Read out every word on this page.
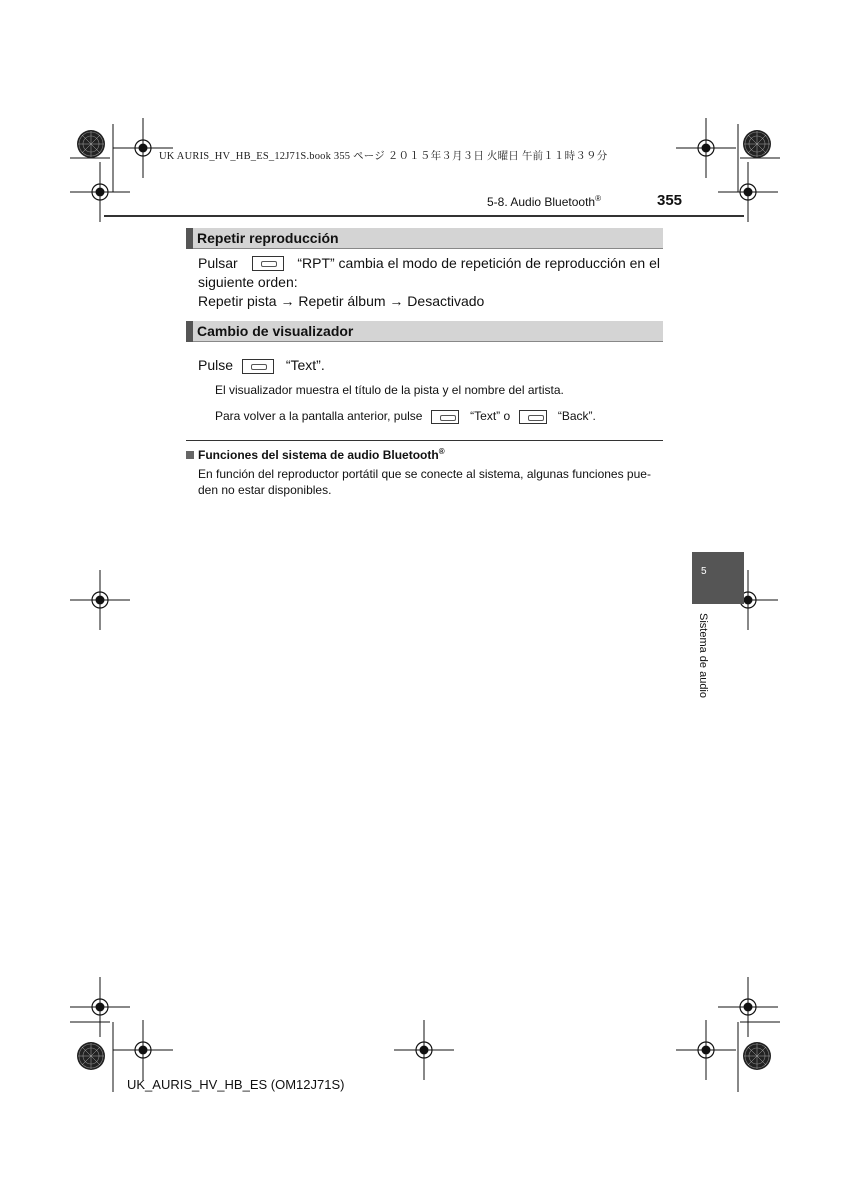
UK AURIS_HV_HB_ES_12J71S.book 355 ページ ２０１５年３月３日 火曜日 午前１１時３９分
5-8. Audio Bluetooth®	355
Repetir reproducción
Pulsar	“RPT” cambia el modo de repetición de reproducción en el
siguiente orden:
Repetir pista → Repetir álbum → Desactivado
Cambio de visualizador
Pulse	“Text”.
El visualizador muestra el título de la pista y el nombre del artista.
Para volver a la pantalla anterior, pulse	“Text” o	“Back”.
Funciones del sistema de audio Bluetooth®
En función del reproductor portátil que se conecte al sistema, algunas funciones pue-
den no estar disponibles.
5
Sistema de audio
UK_AURIS_HV_HB_ES (OM12J71S)
